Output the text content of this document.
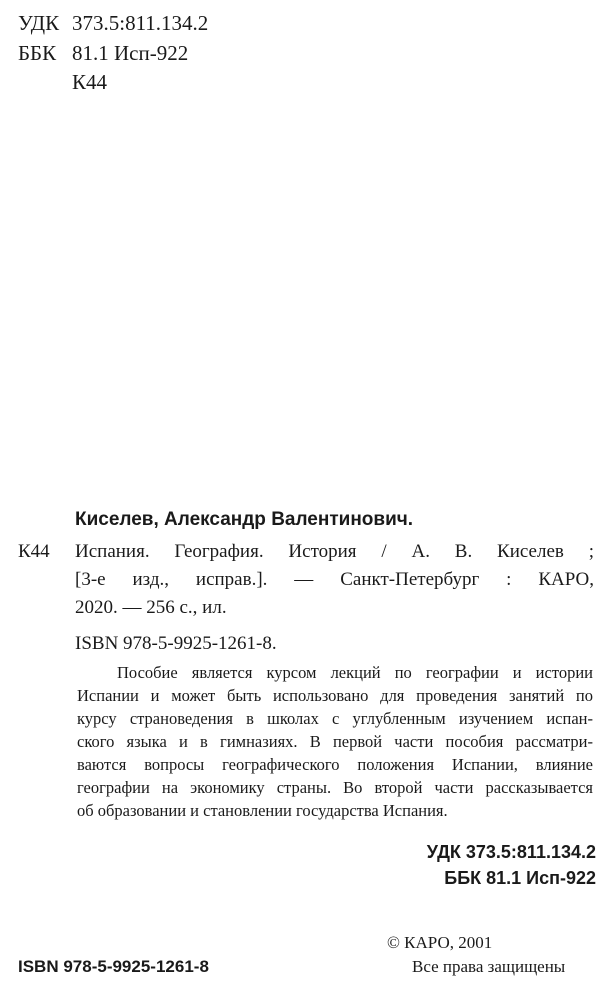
УДК 373.5:811.134.2
ББК 81.1 Исп-922
К44
Киселев, Александр Валентинович.
К44 Испания. География. История / А. В. Киселев ;
[3-е изд., исправ.]. — Санкт-Петербург : КАРО,
2020. — 256 с., ил.
ISBN 978-5-9925-1261-8.
Пособие является курсом лекций по географии и истории
Испании и может быть использовано для проведения занятий по
курсу страноведения в школах с углубленным изучением испан-
ского языка и в гимназиях. В первой части пособия рассматри-
ваются вопросы географического положения Испании, влияние
географии на экономику страны. Во второй части рассказывается
об образовании и становлении государства Испания.
УДК 373.5:811.134.2
ББК 81.1 Исп-922
© КАРО, 2001
Все права защищены
ISBN 978-5-9925-1261-8
